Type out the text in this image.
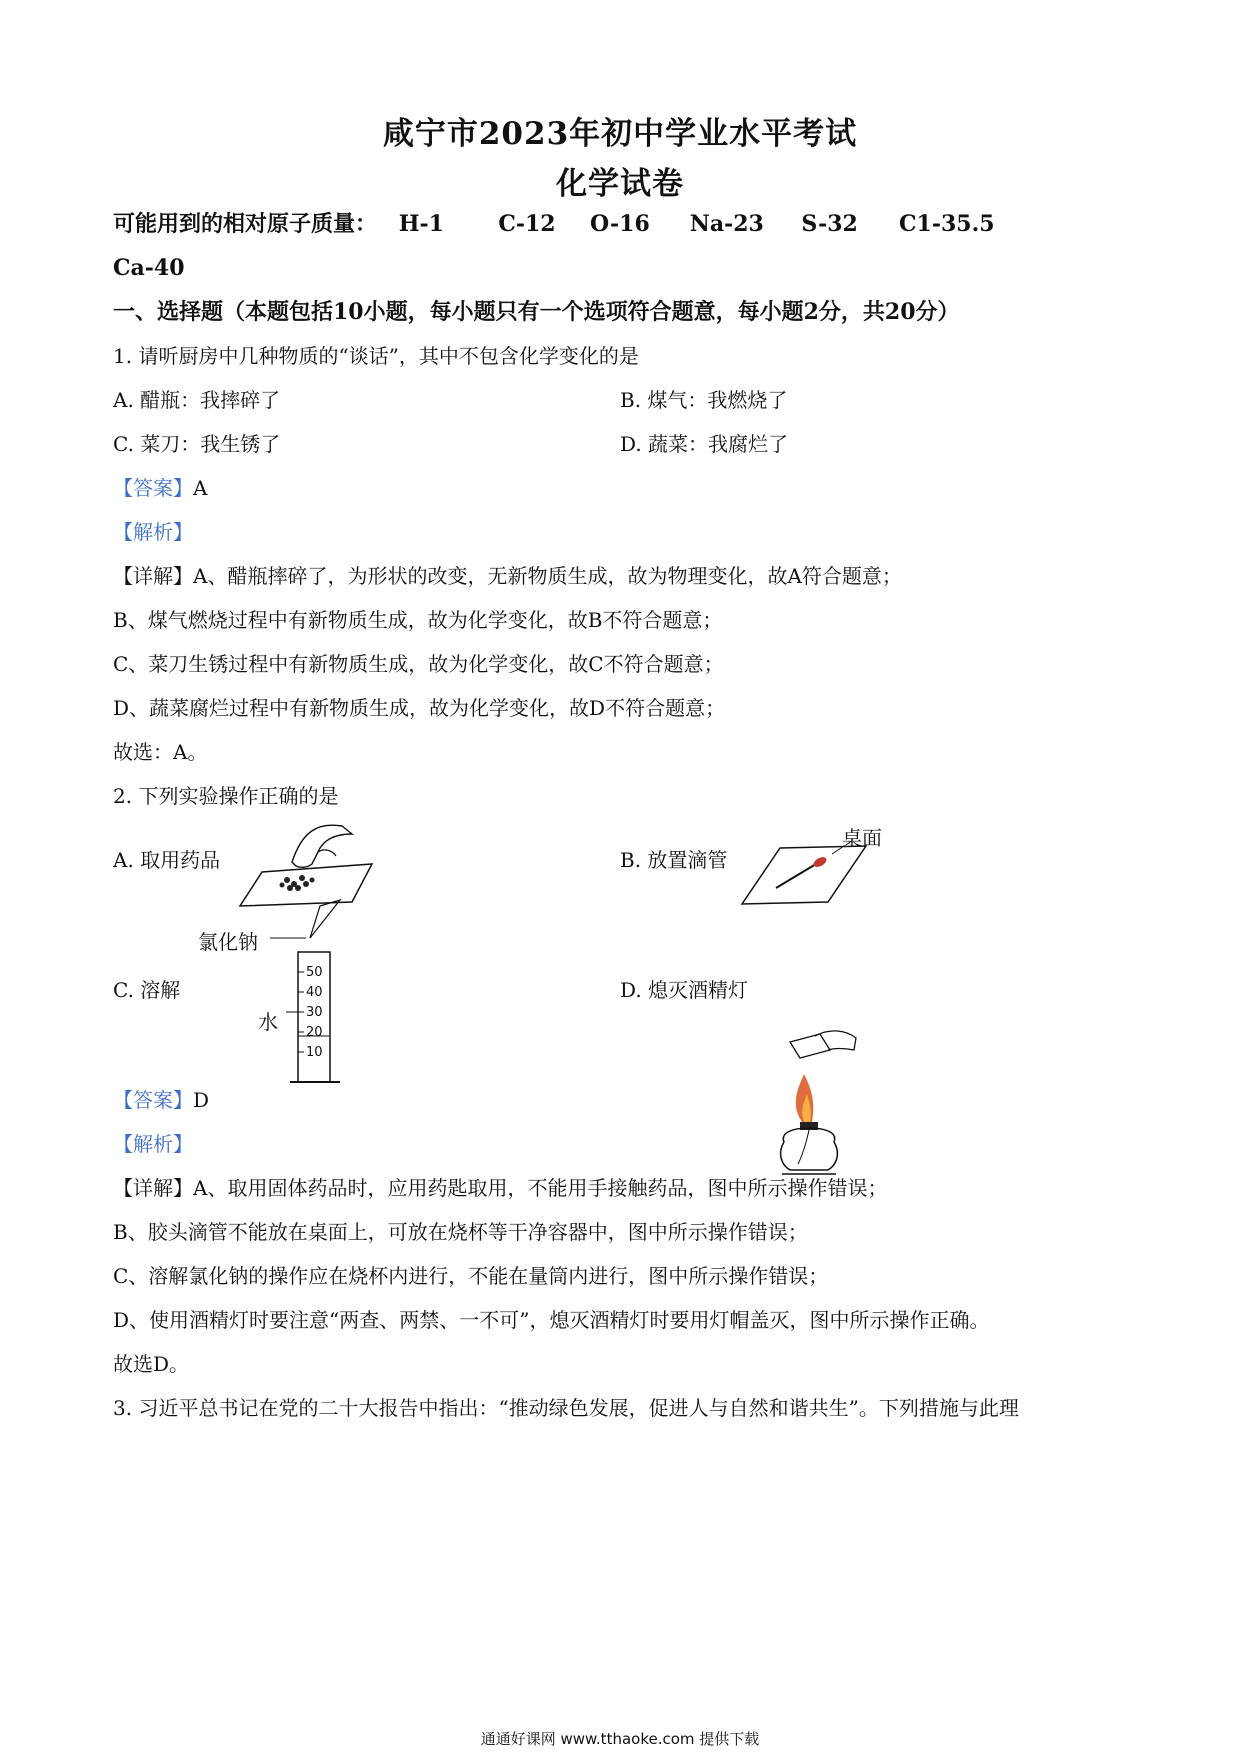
咸宁市2023年初中学业水平考试
化学试卷
可能用到的相对原子质量： H-1 C-12 O-16 Na-23 S-32 C1-35.5
Ca-40
一、选择题（本题包括10小题，每小题只有一个选项符合题意，每小题2分，共20分）
1. 请听厨房中几种物质的“谈话”，其中不包含化学变化的是
A. 醋瓶：我摔碎了	B. 煤气：我燃烧了
C. 菜刀：我生锈了	D. 蔬菜：我腐烂了
【答案】A
【解析】
【详解】A、醋瓶摔碎了，为形状的改变，无新物质生成，故为物理变化，故A符合题意；
B、煤气燃烧过程中有新物质生成，故为化学变化，故B不符合题意；
C、菜刀生锈过程中有新物质生成，故为化学变化，故C不符合题意；
D、蔬菜腐烂过程中有新物质生成，故为化学变化，故D不符合题意；
故选：A。
2. 下列实验操作正确的是
A. 取用药品	B. 放置滴管
桌面
氯化钠
C. 溶解
水
50
40
30
20
10
D. 熄灭酒精灯
【答案】D
【解析】
【详解】A、取用固体药品时，应用药匙取用，不能用手接触药品，图中所示操作错误；
B、胶头滴管不能放在桌面上，可放在烧杯等干净容器中，图中所示操作错误；
C、溶解氯化钠的操作应在烧杯内进行，不能在量筒内进行，图中所示操作错误；
D、使用酒精灯时要注意“两查、两禁、一不可”，熄灭酒精灯时要用灯帽盖灭，图中所示操作正确。
故选D。
3. 习近平总书记在党的二十大报告中指出：“推动绿色发展，促进人与自然和谐共生”。下列措施与此理
通通好课网 www.tthaoke.com 提供下载
